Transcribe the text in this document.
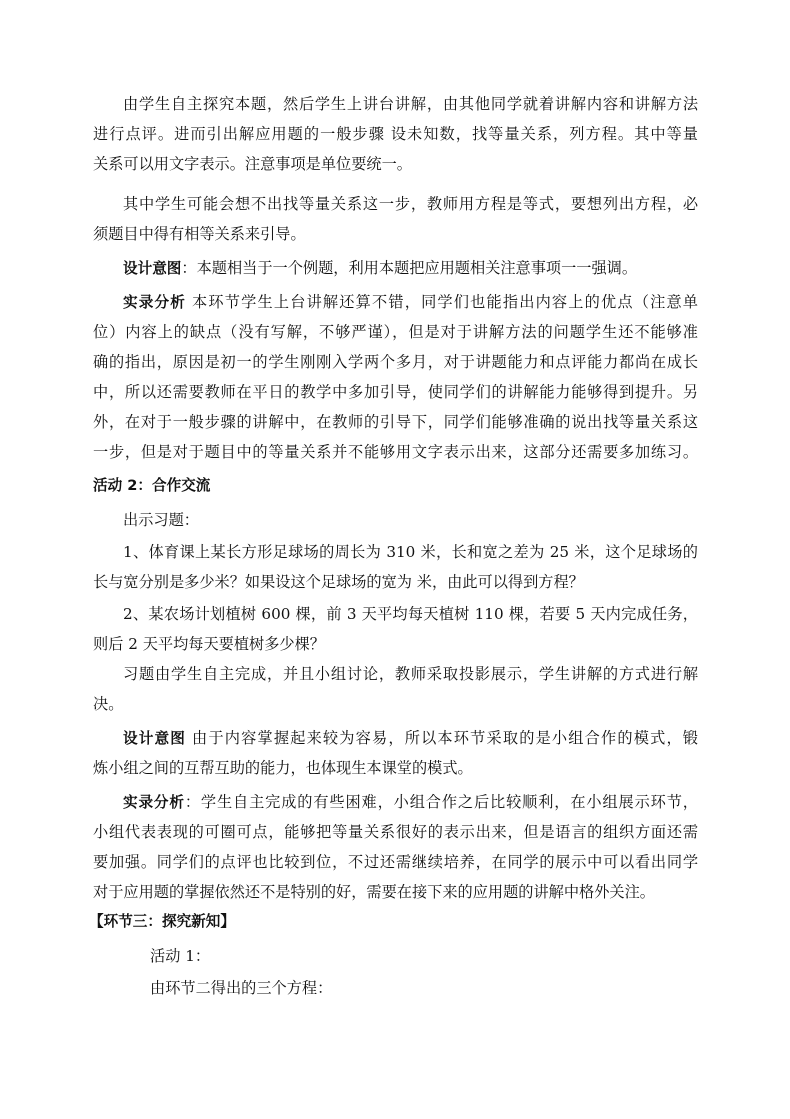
由学生自主探究本题，然后学生上讲台讲解，由其他同学就着讲解内容和讲解方法
进行点评。进而引出解应用题的一般步骤 设未知数，找等量关系，列方程。其中等量
关系可以用文字表示。注意事项是单位要统一。
其中学生可能会想不出找等量关系这一步，教师用方程是等式，要想列出方程，必
须题目中得有相等关系来引导。
设计意图：本题相当于一个例题，利用本题把应用题相关注意事项一一强调。
实录分析 本环节学生上台讲解还算不错，同学们也能指出内容上的优点（注意单
位）内容上的缺点（没有写解，不够严谨），但是对于讲解方法的问题学生还不能够准
确的指出，原因是初一的学生刚刚入学两个多月，对于讲题能力和点评能力都尚在成长
中，所以还需要教师在平日的教学中多加引导，使同学们的讲解能力能够得到提升。另
外，在对于一般步骤的讲解中，在教师的引导下，同学们能够准确的说出找等量关系这
一步，但是对于题目中的等量关系并不能够用文字表示出来，这部分还需要多加练习。
活动 2：合作交流
出示习题：
1、体育课上某长方形足球场的周长为 310 米，长和宽之差为 25 米，这个足球场的
长与宽分别是多少米？如果设这个足球场的宽为 米，由此可以得到方程？
2、某农场计划植树 600 棵，前 3 天平均每天植树 110 棵，若要 5 天内完成任务，
则后 2 天平均每天要植树多少棵？
习题由学生自主完成，并且小组讨论，教师采取投影展示，学生讲解的方式进行解
决。
设计意图 由于内容掌握起来较为容易，所以本环节采取的是小组合作的模式，锻
炼小组之间的互帮互助的能力，也体现生本课堂的模式。
实录分析：学生自主完成的有些困难，小组合作之后比较顺利，在小组展示环节，
小组代表表现的可圈可点，能够把等量关系很好的表示出来，但是语言的组织方面还需
要加强。同学们的点评也比较到位，不过还需继续培养，在同学的展示中可以看出同学
对于应用题的掌握依然还不是特别的好，需要在接下来的应用题的讲解中格外关注。
【环节三：探究新知】
活动 1：
由环节二得出的三个方程：
